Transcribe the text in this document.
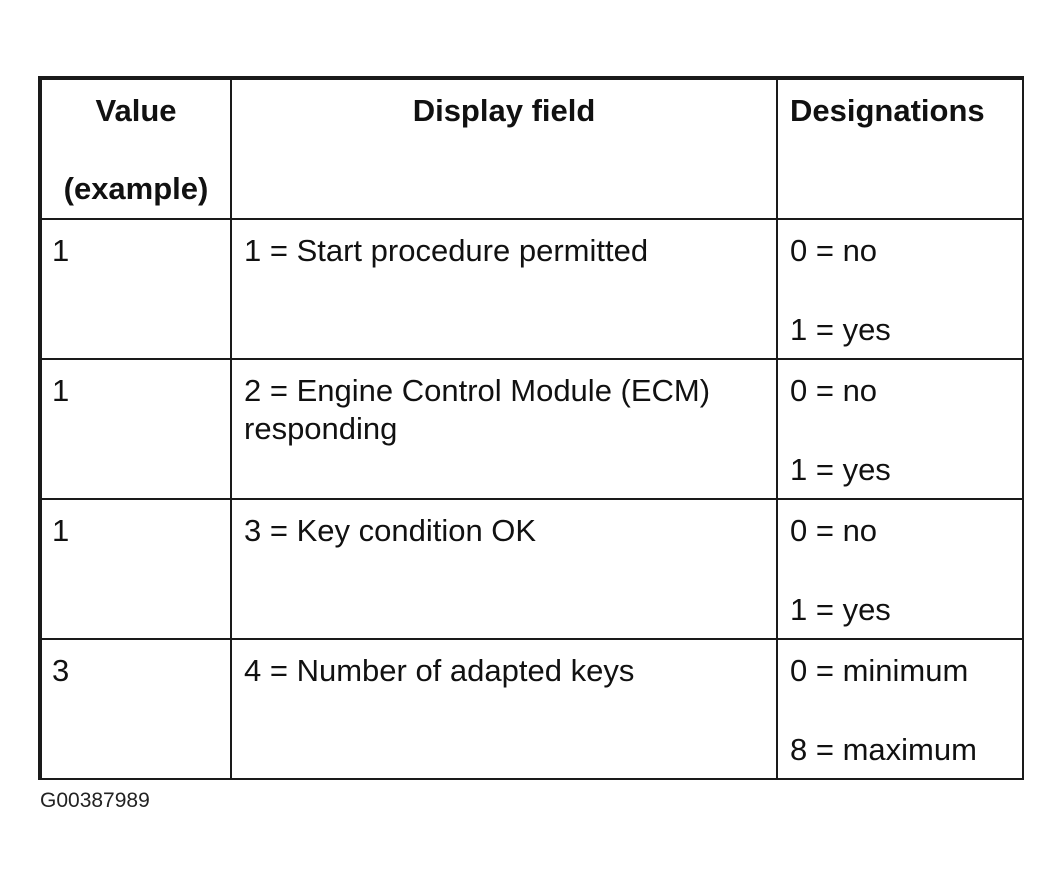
Value
(example)	Display field	Designations

1	1 = Start procedure permitted	0 = no
1 = yes

1	2 = Engine Control Module (ECM) responding	0 = no
1 = yes

1	3 = Key condition OK	0 = no
1 = yes

3	4 = Number of adapted keys	0 = minimum
8 = maximum
G00387989
